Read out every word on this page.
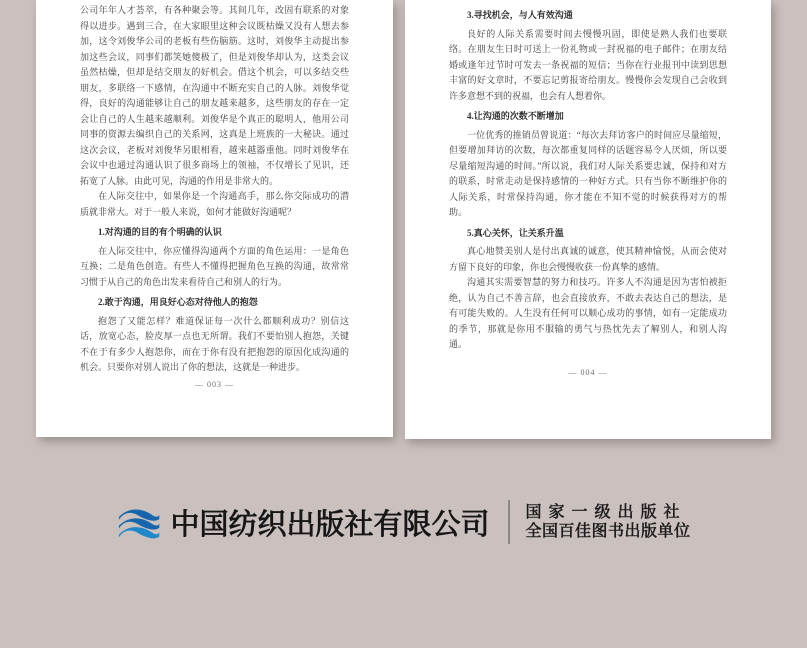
公司年年人才荟萃，有各种聚会等。其间几年，改固有联系的对象得以进步。遇到三合，在大家眼里这种会议既枯燥又没有人想去参加，这令刘俊华公司的老板有些伤脑筋。这时，刘俊华主动提出参加这些会议，同事们都笑她傻极了，但是刘俊华却认为，这类会议虽然枯燥，但却是结交朋友的好机会。借这个机会，可以多结交些朋友，多联络一下感情，在沟通中不断充实自己的人脉。刘俊华觉得，良好的沟通能够让自己的朋友越来越多，这些朋友的存在一定会让自己的人生越来越顺利。刘俊华是个真正的聪明人，他用公司同事的资源去编织自己的关系网，这真是上班族的一大秘诀。通过这次会议，老板对刘俊华另眼相看，越来越器重他。同时刘俊华在会议中也通过沟通认识了很多商场上的领袖，不仅增长了见识，还拓宽了人脉。由此可见，沟通的作用是非常大的。

在人际交往中，如果你是一个沟通高手，那么你交际成功的潜质就非常大。对于一般人来说，如何才能做好沟通呢？

1.对沟通的目的有个明确的认识

在人际交往中，你应懂得沟通两个方面的角色运用：一是角色互换；二是角色创造。有些人不懂得把握角色互换的沟通，故常常习惯于从自己的角色出发来看待自己和别人的行为。

2.敢于沟通，用良好心态对待他人的抱怨

抱怨了又能怎样？难道保证每一次什么都顺利成功？别信这话，放宽心态，脸皮厚一点也无所谓。我们不要怕别人抱怨，关键不在于有多少人抱怨你，而在于你有没有把抱怨的原因化成沟通的机会。只要你对别人说出了你的想法，这就是一种进步。

— 003 —

3.寻找机会，与人有效沟通

良好的人际关系需要时间去慢慢巩固，即使是熟人我们也要联络。在朋友生日时可送上一份礼物或一封祝福的电子邮件；在朋友结婚或逢年过节时可发去一条祝福的短信；当你在行业报刊中读到思想丰富的好文章时，不要忘记剪报寄给朋友。慢慢你会发现自己会收到许多意想不到的祝福，也会有人想着你。

4.让沟通的次数不断增加

一位优秀的推销员曾说道：“每次去拜访客户的时间应尽量缩短，但要增加拜访的次数，每次都重复同样的话题容易令人厌烦，所以要尽量缩短沟通的时间。”所以说，我们对人际关系要忠诚，保持和对方的联系，时常走动是保持感情的一种好方式。只有当你不断维护你的人际关系，时常保持沟通，你才能在不知不觉的时候获得对方的帮助。

5.真心关怀，让关系升温

真心地赞美别人是付出真诚的诚意，使其精神愉悦，从而会使对方留下良好的印象，你也会慢慢收获一份真挚的感情。

沟通其实需要智慧的努力和技巧。许多人不沟通是因为害怕被拒绝，认为自己不善言辞，也会直接放弃，不敢去表达自己的想法，是有可能失败的。人生没有任何可以顺心成功的事情，如有一定能成功的季节，那就是你用不服输的勇气与热忱先去了解别人，和别人沟通。

— 004 —
中国纺织出版社有限公司 国家一级出版社
全国百佳图书出版单位
